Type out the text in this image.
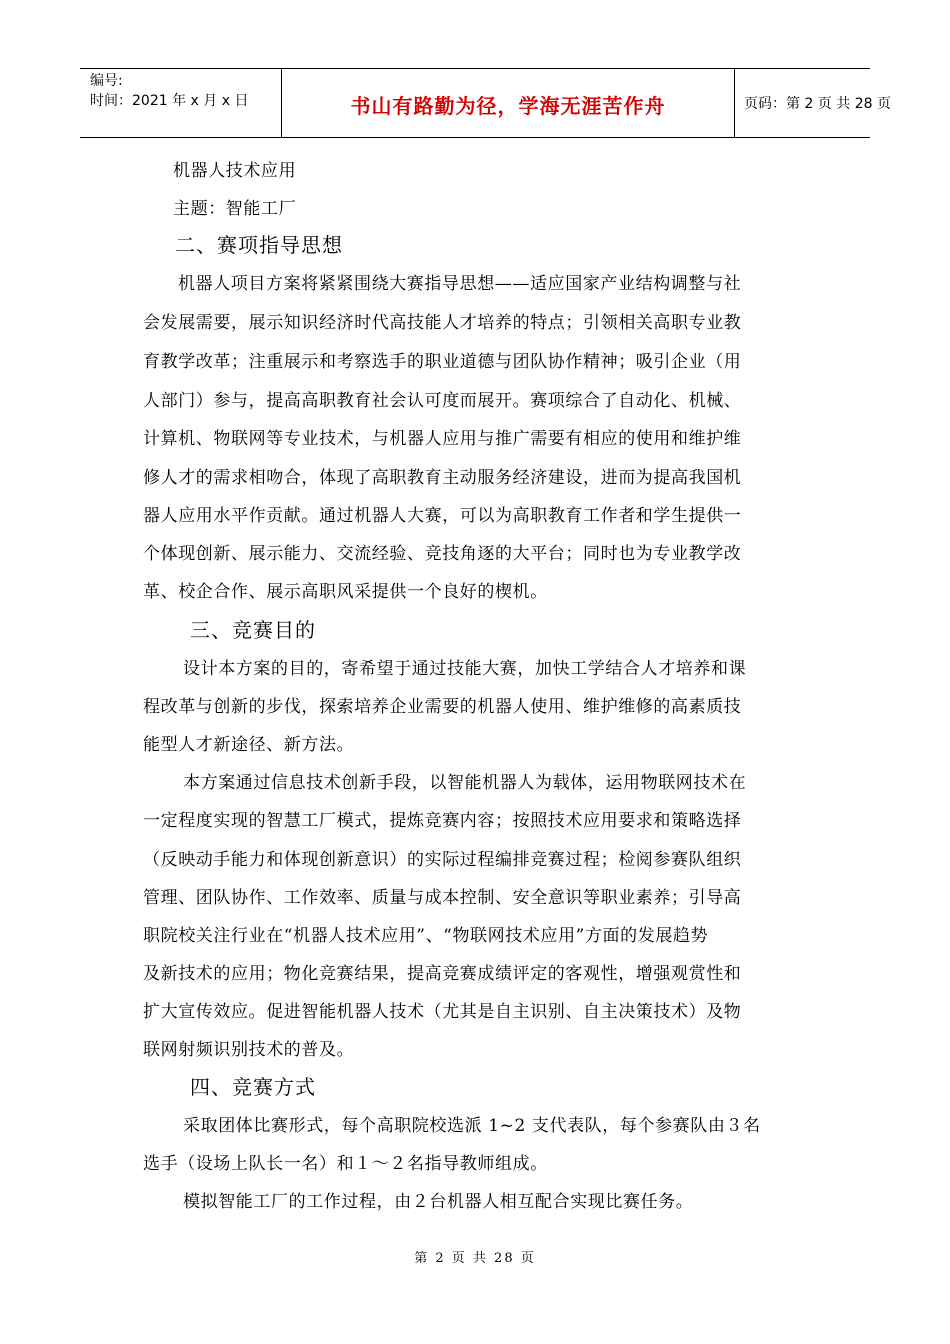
编号:
时间：2021 年 x 月 x 日	书山有路勤为径，学海无涯苦作舟	页码：第 2 页 共 28 页
机器人技术应用
主题：智能工厂
二、赛项指导思想
机器人项目方案将紧紧围绕大赛指导思想——适应国家产业结构调整与社
会发展需要，展示知识经济时代高技能人才培养的特点；引领相关高职专业教
育教学改革；注重展示和考察选手的职业道德与团队协作精神；吸引企业（用
人部门）参与，提高高职教育社会认可度而展开。赛项综合了自动化、机械、
计算机、物联网等专业技术，与机器人应用与推广需要有相应的使用和维护维
修人才的需求相吻合，体现了高职教育主动服务经济建设，进而为提高我国机
器人应用水平作贡献。通过机器人大赛，可以为高职教育工作者和学生提供一
个体现创新、展示能力、交流经验、竞技角逐的大平台；同时也为专业教学改
革、校企合作、展示高职风采提供一个良好的楔机。
三、竞赛目的
设计本方案的目的，寄希望于通过技能大赛，加快工学结合人才培养和课
程改革与创新的步伐，探索培养企业需要的机器人使用、维护维修的高素质技
能型人才新途径、新方法。
本方案通过信息技术创新手段，以智能机器人为载体，运用物联网技术在
一定程度实现的智慧工厂模式，提炼竞赛内容；按照技术应用要求和策略选择
（反映动手能力和体现创新意识）的实际过程编排竞赛过程；检阅参赛队组织
管理、团队协作、工作效率、质量与成本控制、安全意识等职业素养；引导高
职院校关注行业在“机器人技术应用”、“物联网技术应用”方面的发展趋势
及新技术的应用；物化竞赛结果，提高竞赛成绩评定的客观性，增强观赏性和
扩大宣传效应。促进智能机器人技术（尤其是自主识别、自主决策技术）及物
联网射频识别技术的普及。
四、竞赛方式
采取团体比赛形式，每个高职院校选派 1~2 支代表队，每个参赛队由３名
选手（设场上队长一名）和１～２名指导教师组成。
模拟智能工厂的工作过程，由２台机器人相互配合实现比赛任务。
第 2 页 共 28 页
